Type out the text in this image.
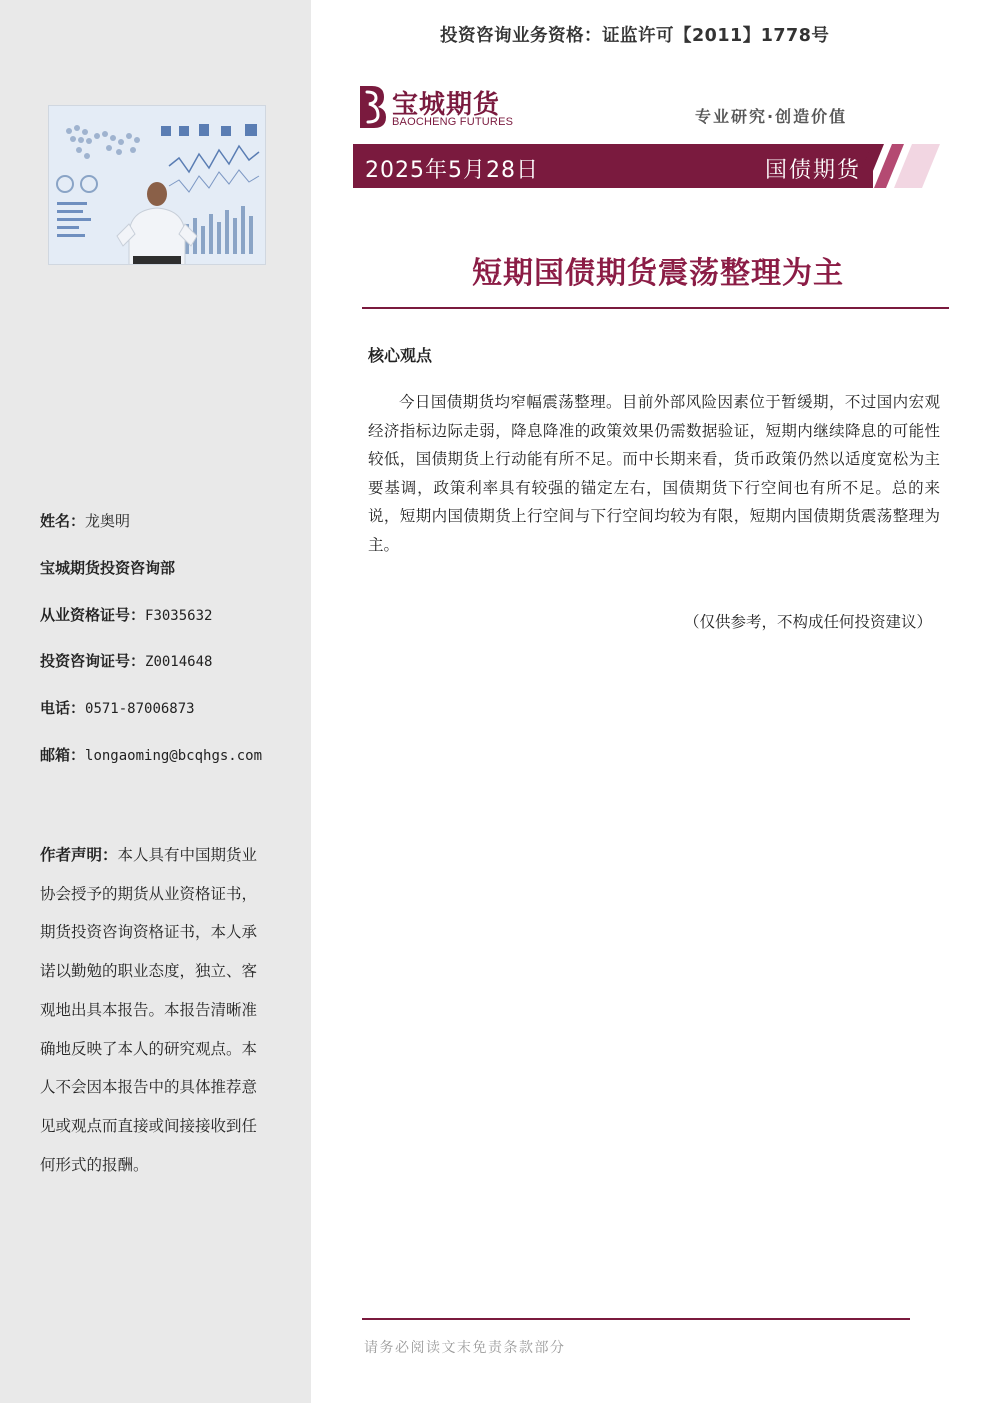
姓名：龙奥明
宝城期货投资咨询部
从业资格证号：F3035632
投资咨询证号：Z0014648
电话：0571-87006873
邮箱：longaoming@bcqhgs.com
作者声明：本人具有中国期货业协会授予的期货从业资格证书，期货投资咨询资格证书，本人承诺以勤勉的职业态度，独立、客观地出具本报告。本报告清晰准确地反映了本人的研究观点。本人不会因本报告中的具体推荐意见或观点而直接或间接接收到任何形式的报酬。
投资咨询业务资格：证监许可【2011】1778号
宝城期货
BAOCHENG FUTURES	专业研究·创造价值
2025年5月28日	国债期货
短期国债期货震荡整理为主
核心观点
今日国债期货均窄幅震荡整理。目前外部风险因素位于暂缓期，不过国内宏观经济指标边际走弱，降息降准的政策效果仍需数据验证，短期内继续降息的可能性较低，国债期货上行动能有所不足。而中长期来看，货币政策仍然以适度宽松为主要基调，政策利率具有较强的锚定左右，国债期货下行空间也有所不足。总的来说，短期内国债期货上行空间与下行空间均较为有限，短期内国债期货震荡整理为主。
（仅供参考，不构成任何投资建议）
请务必阅读文末免责条款部分
